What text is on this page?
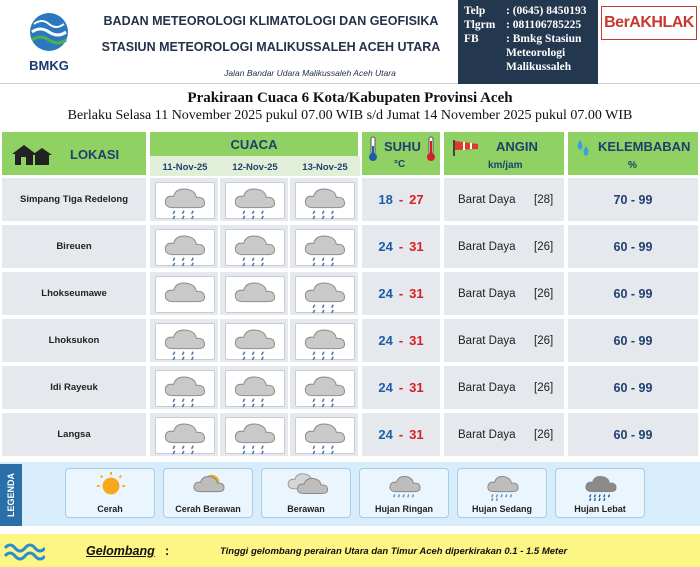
BMKG
BADAN METEOROLOGI KLIMATOLOGI DAN GEOFISIKA
STASIUN METEOROLOGI MALIKUSSALEH ACEH UTARA
Jalan Bandar Udara Malikussaleh Aceh Utara
Telp	: (0645) 8450193
Tlgrm : 081106785225
FB	: Bmkg Stasiun Meteorologi Malikussaleh
BerAKHLAK
Prakiraan Cuaca 6 Kota/Kabupaten Provinsi Aceh
Berlaku Selasa 11 November 2025 pukul 07.00 WIB s/d Jumat 14 November 2025 pukul 07.00 WIB
LOKASI
CUACA
11-Nov-25	12-Nov-25	13-Nov-25
SUHU
°C
ANGIN
km/jam
KELEMBABAN
%
Simpang Tiga Redelong	18 - 27	Barat Daya [28]	70 - 99
Bireuen	24 - 31	Barat Daya [26]	60 - 99
Lhokseumawe	24 - 31	Barat Daya [26]	60 - 99
Lhoksukon	24 - 31	Barat Daya [26]	60 - 99
Idi Rayeuk	24 - 31	Barat Daya [26]	60 - 99
Langsa	24 - 31	Barat Daya [26]	60 - 99
LEGENDA	Cerah	Cerah Berawan	Berawan	Hujan Ringan	Hujan Sedang	Hujan Lebat
Gelombang :	Tinggi gelombang perairan Utara dan Timur Aceh diperkirakan 0.1 - 1.5 Meter
